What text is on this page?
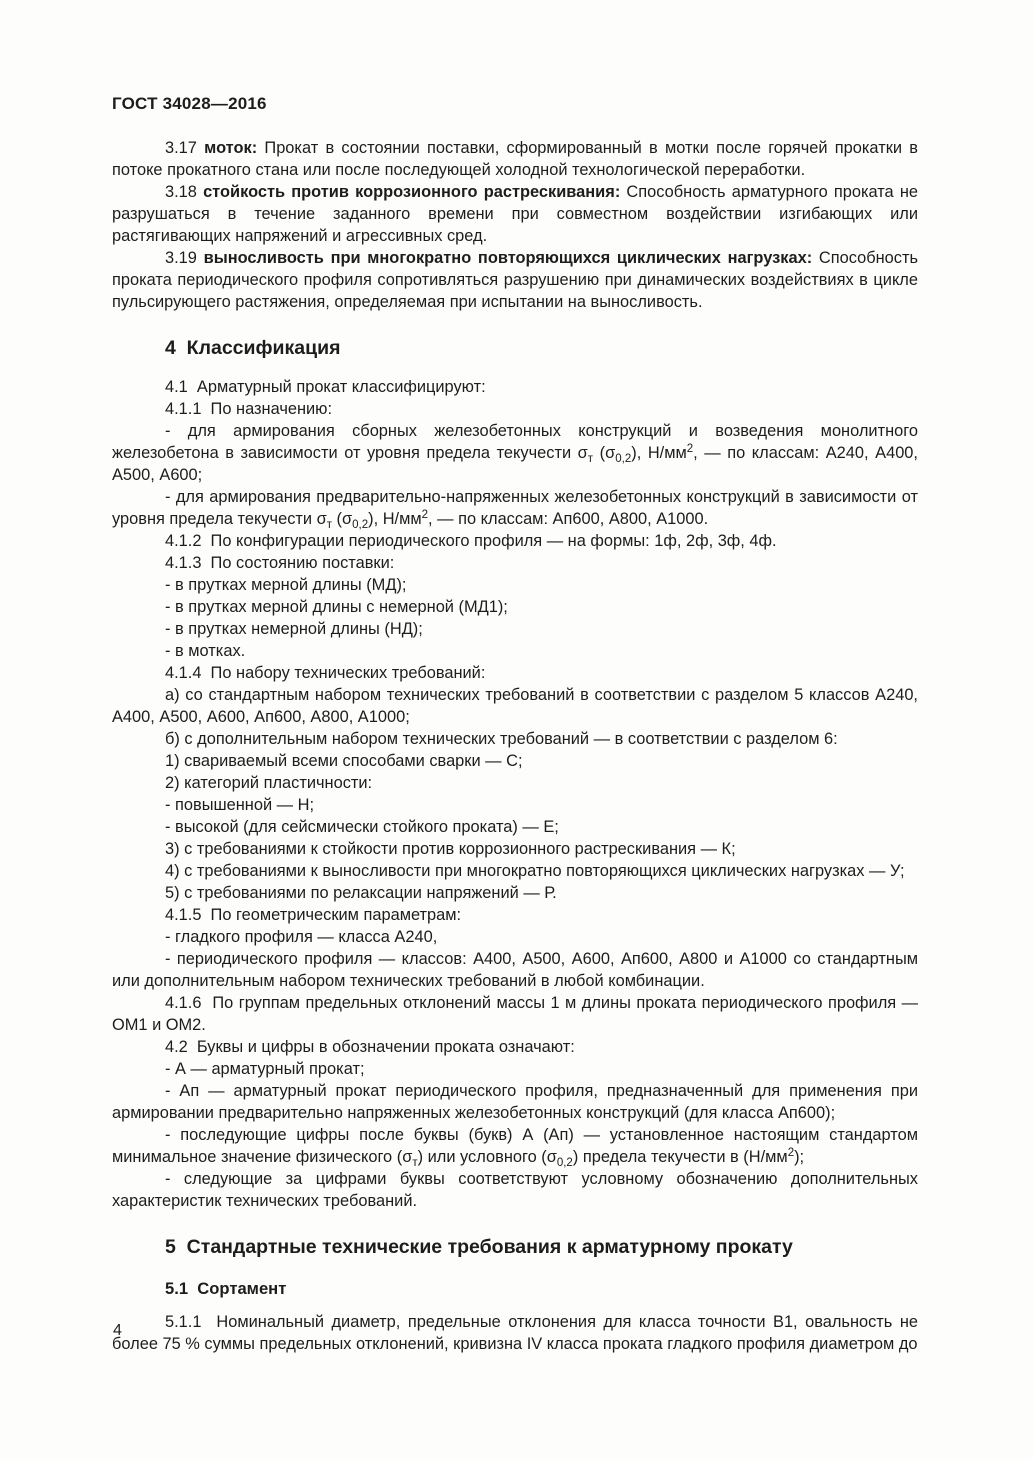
ГОСТ 34028—2016
3.17 моток: Прокат в состоянии поставки, сформированный в мотки после горячей прокатки в потоке прокатного стана или после последующей холодной технологической переработки.
3.18 стойкость против коррозионного растрескивания: Способность арматурного проката не разрушаться в течение заданного времени при совместном воздействии изгибающих или растягивающих напряжений и агрессивных сред.
3.19 выносливость при многократно повторяющихся циклических нагрузках: Способность проката периодического профиля сопротивляться разрушению при динамических воздействиях в цикле пульсирующего растяжения, определяемая при испытании на выносливость.
4  Классификация
4.1  Арматурный прокат классифицируют:
4.1.1  По назначению:
- для армирования сборных железобетонных конструкций и возведения монолитного железобетона в зависимости от уровня предела текучести $\sigma_т$ $(\sigma_{0,2})$, $Н/мм^2$, — по классам: А240, А400, А500, А600;
- для армирования предварительно-напряженных железобетонных конструкций в зависимости от уровня предела текучести $\sigma_т$ $(\sigma_{0,2})$, $Н/мм^2$, — по классам: Ап600, А800, А1000.
4.1.2  По конфигурации периодического профиля — на формы: 1ф, 2ф, 3ф, 4ф.
4.1.3  По состоянию поставки:
- в прутках мерной длины (МД);
- в прутках мерной длины с немерной (МД1);
- в прутках немерной длины (НД);
- в мотках.
4.1.4  По набору технических требований:
а) со стандартным набором технических требований в соответствии с разделом 5 классов А240, А400, А500, А600, Ап600, А800, А1000;
б) с дополнительным набором технических требований — в соответствии с разделом 6:
1) свариваемый всеми способами сварки — С;
2) категорий пластичности:
- повышенной — Н;
- высокой (для сейсмически стойкого проката) — Е;
3) с требованиями к стойкости против коррозионного растрескивания — К;
4) с требованиями к выносливости при многократно повторяющихся циклических нагрузках — У;
5) с требованиями по релаксации напряжений — Р.
4.1.5  По геометрическим параметрам:
- гладкого профиля — класса А240,
- периодического профиля — классов: А400, А500, А600, Ап600, А800 и А1000 со стандартным или дополнительным набором технических требований в любой комбинации.
4.1.6  По группам предельных отклонений массы 1 м длины проката периодического профиля — ОМ1 и ОМ2.
4.2  Буквы и цифры в обозначении проката означают:
- А — арматурный прокат;
- Ап — арматурный прокат периодического профиля, предназначенный для применения при армировании предварительно напряженных железобетонных конструкций (для класса Ап600);
- последующие цифры после буквы (букв) А (Ап) — установленное настоящим стандартом минимальное значение физического $(\sigma_т)$ или условного $(\sigma_{0,2})$ предела текучести в $(Н/мм^2)$;
- следующие за цифрами буквы соответствуют условному обозначению дополнительных характеристик технических требований.
5  Стандартные технические требования к арматурному прокату
5.1  Сортамент
5.1.1  Номинальный диаметр, предельные отклонения для класса точности В1, овальность не более 75 % суммы предельных отклонений, кривизна IV класса проката гладкого профиля диаметром до
4
